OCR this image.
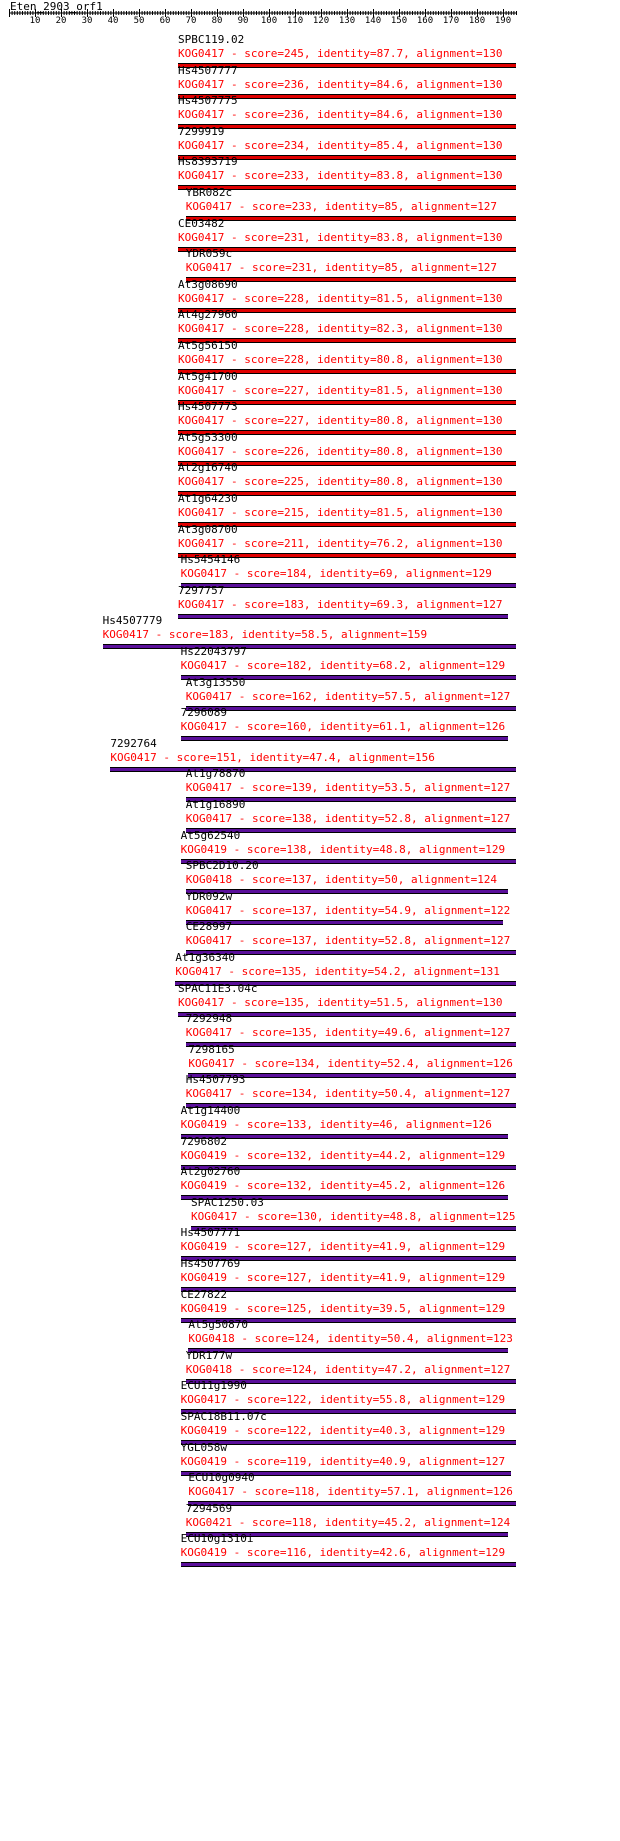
Eten_2903_orf1
10 20 30 40 50 60 70 80 90 100 110 120 130 140 150 160 170 180 190
SPBC119.02
KOG0417 - score=245, identity=87.7, alignment=130
Hs4507777
KOG0417 - score=236, identity=84.6, alignment=130
Hs4507775
KOG0417 - score=236, identity=84.6, alignment=130
7299919
KOG0417 - score=234, identity=85.4, alignment=130
Hs8393719
KOG0417 - score=233, identity=83.8, alignment=130
YBR082c
KOG0417 - score=233, identity=85, alignment=127
CE03482
KOG0417 - score=231, identity=83.8, alignment=130
YDR059c
KOG0417 - score=231, identity=85, alignment=127
At3g08690
KOG0417 - score=228, identity=81.5, alignment=130
At4g27960
KOG0417 - score=228, identity=82.3, alignment=130
At5g56150
KOG0417 - score=228, identity=80.8, alignment=130
At5g41700
KOG0417 - score=227, identity=81.5, alignment=130
Hs4507773
KOG0417 - score=227, identity=80.8, alignment=130
At5g53300
KOG0417 - score=226, identity=80.8, alignment=130
At2g16740
KOG0417 - score=225, identity=80.8, alignment=130
At1g64230
KOG0417 - score=215, identity=81.5, alignment=130
At3g08700
KOG0417 - score=211, identity=76.2, alignment=130
Hs5454146
KOG0417 - score=184, identity=69, alignment=129
7297757
KOG0417 - score=183, identity=69.3, alignment=127
Hs4507779
KOG0417 - score=183, identity=58.5, alignment=159
Hs22043797
KOG0417 - score=182, identity=68.2, alignment=129
At3g13550
KOG0417 - score=162, identity=57.5, alignment=127
7296089
KOG0417 - score=160, identity=61.1, alignment=126
7292764
KOG0417 - score=151, identity=47.4, alignment=156
At1g78870
KOG0417 - score=139, identity=53.5, alignment=127
At1g16890
KOG0417 - score=138, identity=52.8, alignment=127
At5g62540
KOG0419 - score=138, identity=48.8, alignment=129
SPBC2D10.20
KOG0418 - score=137, identity=50, alignment=124
YDR092w
KOG0417 - score=137, identity=54.9, alignment=122
CE28997
KOG0417 - score=137, identity=52.8, alignment=127
At1g36340
KOG0417 - score=135, identity=54.2, alignment=131
SPAC11E3.04c
KOG0417 - score=135, identity=51.5, alignment=130
7292948
KOG0417 - score=135, identity=49.6, alignment=127
7298165
KOG0417 - score=134, identity=52.4, alignment=126
Hs4507793
KOG0417 - score=134, identity=50.4, alignment=127
At1g14400
KOG0419 - score=133, identity=46, alignment=126
7296802
KOG0419 - score=132, identity=44.2, alignment=129
At2g02760
KOG0419 - score=132, identity=45.2, alignment=126
SPAC1250.03
KOG0417 - score=130, identity=48.8, alignment=125
Hs4507771
KOG0419 - score=127, identity=41.9, alignment=129
Hs4507769
KOG0419 - score=127, identity=41.9, alignment=129
CE27822
KOG0419 - score=125, identity=39.5, alignment=129
At5g50870
KOG0418 - score=124, identity=50.4, alignment=123
YDR177w
KOG0418 - score=124, identity=47.2, alignment=127
ECU11g1990
KOG0417 - score=122, identity=55.8, alignment=129
SPAC18B11.07c
KOG0419 - score=122, identity=40.3, alignment=129
YGL058w
KOG0419 - score=119, identity=40.9, alignment=127
ECU10g0940
KOG0417 - score=118, identity=57.1, alignment=126
7294569
KOG0421 - score=118, identity=45.2, alignment=124
ECU10g1310i
KOG0419 - score=116, identity=42.6, alignment=129
